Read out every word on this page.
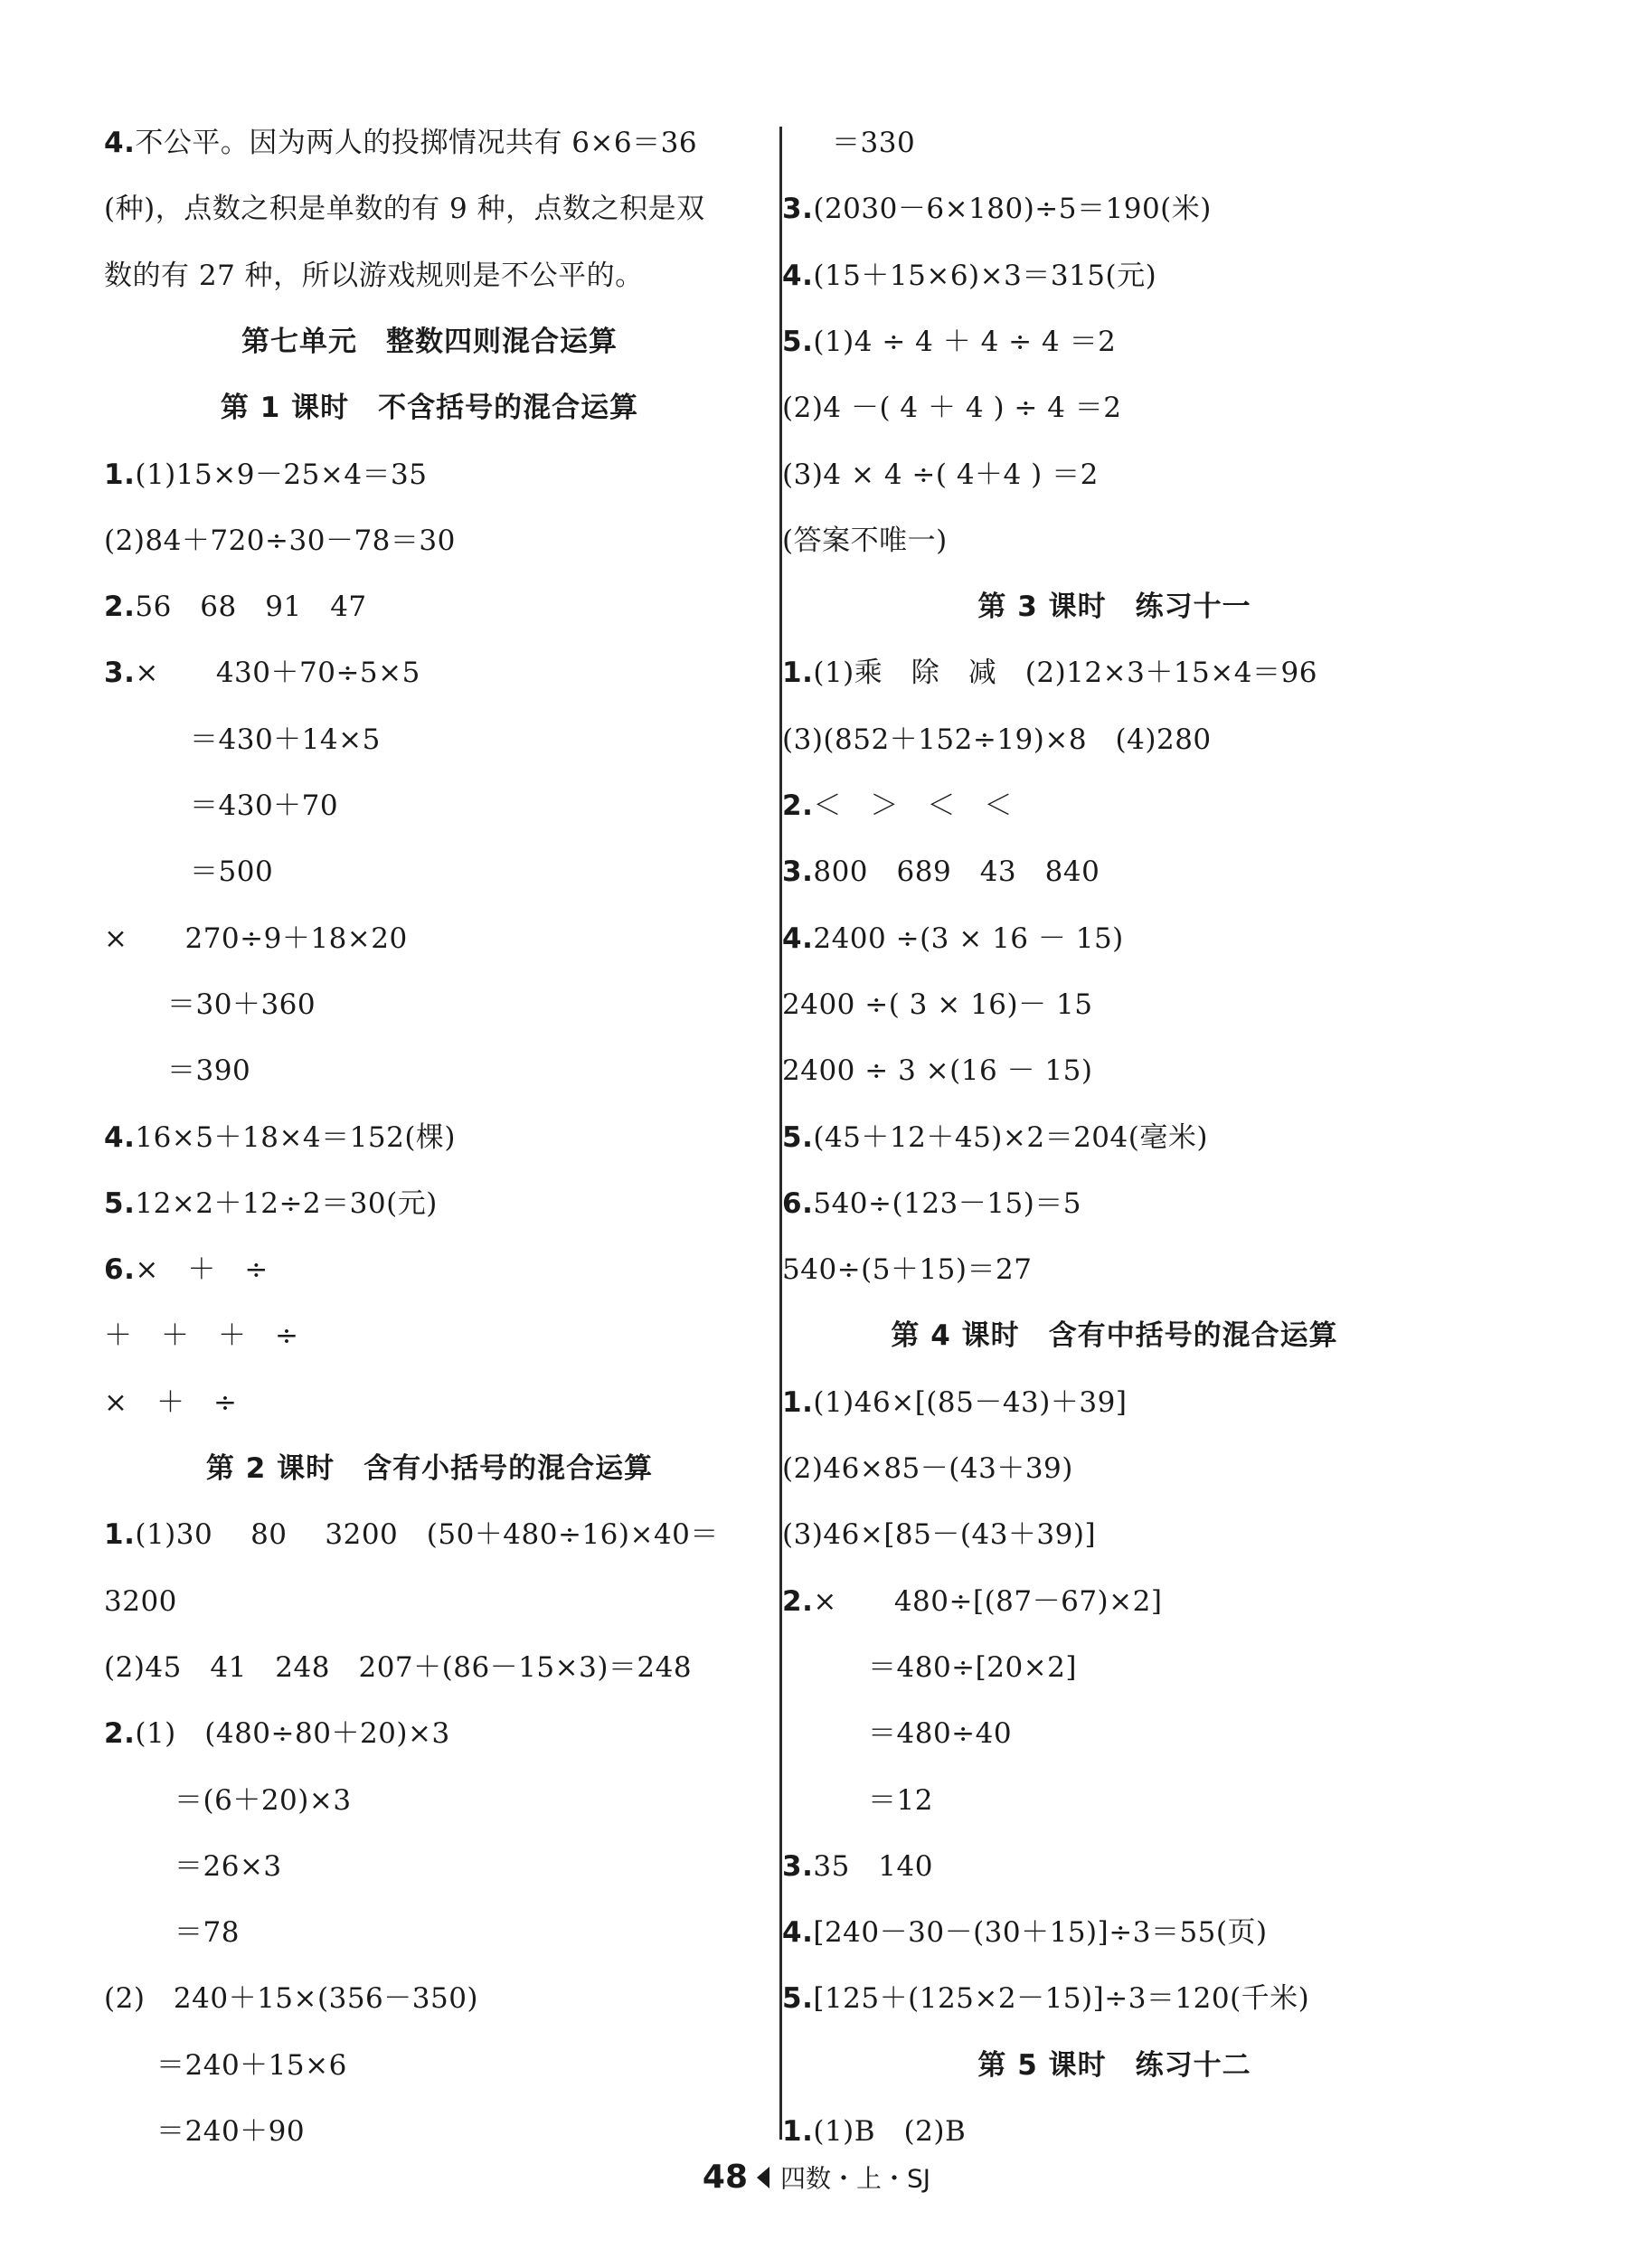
4.不公平。因为两人的投掷情况共有 6×6＝36
(种)，点数之积是单数的有 9 种，点数之积是双
数的有 27 种，所以游戏规则是不公平的。
第七单元　整数四则混合运算
第 1 课时　不含括号的混合运算
1.(1)15×9－25×4＝35
(2)84＋720÷30－78＝30
2.56　68　91　47
3.×　　430＋70÷5×5
＝430＋14×5
＝430＋70
＝500
×　　270÷9＋18×20
＝30＋360
＝390
4.16×5＋18×4＝152(棵)
5.12×2＋12÷2＝30(元)
6.×　＋　÷
＋　＋　＋　÷
×　＋　÷
第 2 课时　含有小括号的混合运算
1.(1)30　 80 　3200　(50＋480÷16)×40＝
3200
(2)45　41　248　207＋(86－15×3)＝248
2.(1)　(480÷80＋20)×3
＝(6＋20)×3
＝26×3
＝78
(2)　240＋15×(356－350)
＝240＋15×6
＝240＋90
＝330
3.(2030－6×180)÷5＝190(米)
4.(15＋15×6)×3＝315(元)
5.(1)4 ÷ 4 ＋ 4 ÷ 4 ＝2
(2)4 －( 4 ＋ 4 ) ÷ 4 ＝2
(3)4 × 4 ÷( 4＋4 ) ＝2
(答案不唯一)
第 3 课时　练习十一
1.(1)乘　除　减　(2)12×3＋15×4＝96
(3)(852＋152÷19)×8　(4)280
2.＜　＞　＜　＜
3.800　689　43　840
4.2400 ÷(3 × 16 － 15)
2400 ÷( 3 × 16)－ 15
2400 ÷ 3 ×(16 － 15)
5.(45＋12＋45)×2＝204(毫米)
6.540÷(123－15)＝5
540÷(5＋15)＝27
第 4 课时　含有中括号的混合运算
1.(1)46×[(85－43)＋39]
(2)46×85－(43＋39)
(3)46×[85－(43＋39)]
2.×　　480÷[(87－67)×2]
＝480÷[20×2]
＝480÷40
＝12
3.35　140
4.[240－30－(30＋15)]÷3＝55(页)
5.[125＋(125×2－15)]÷3＝120(千米)
第 5 课时　练习十二
1.(1)B　(2)B
48 四数・上・SJ
